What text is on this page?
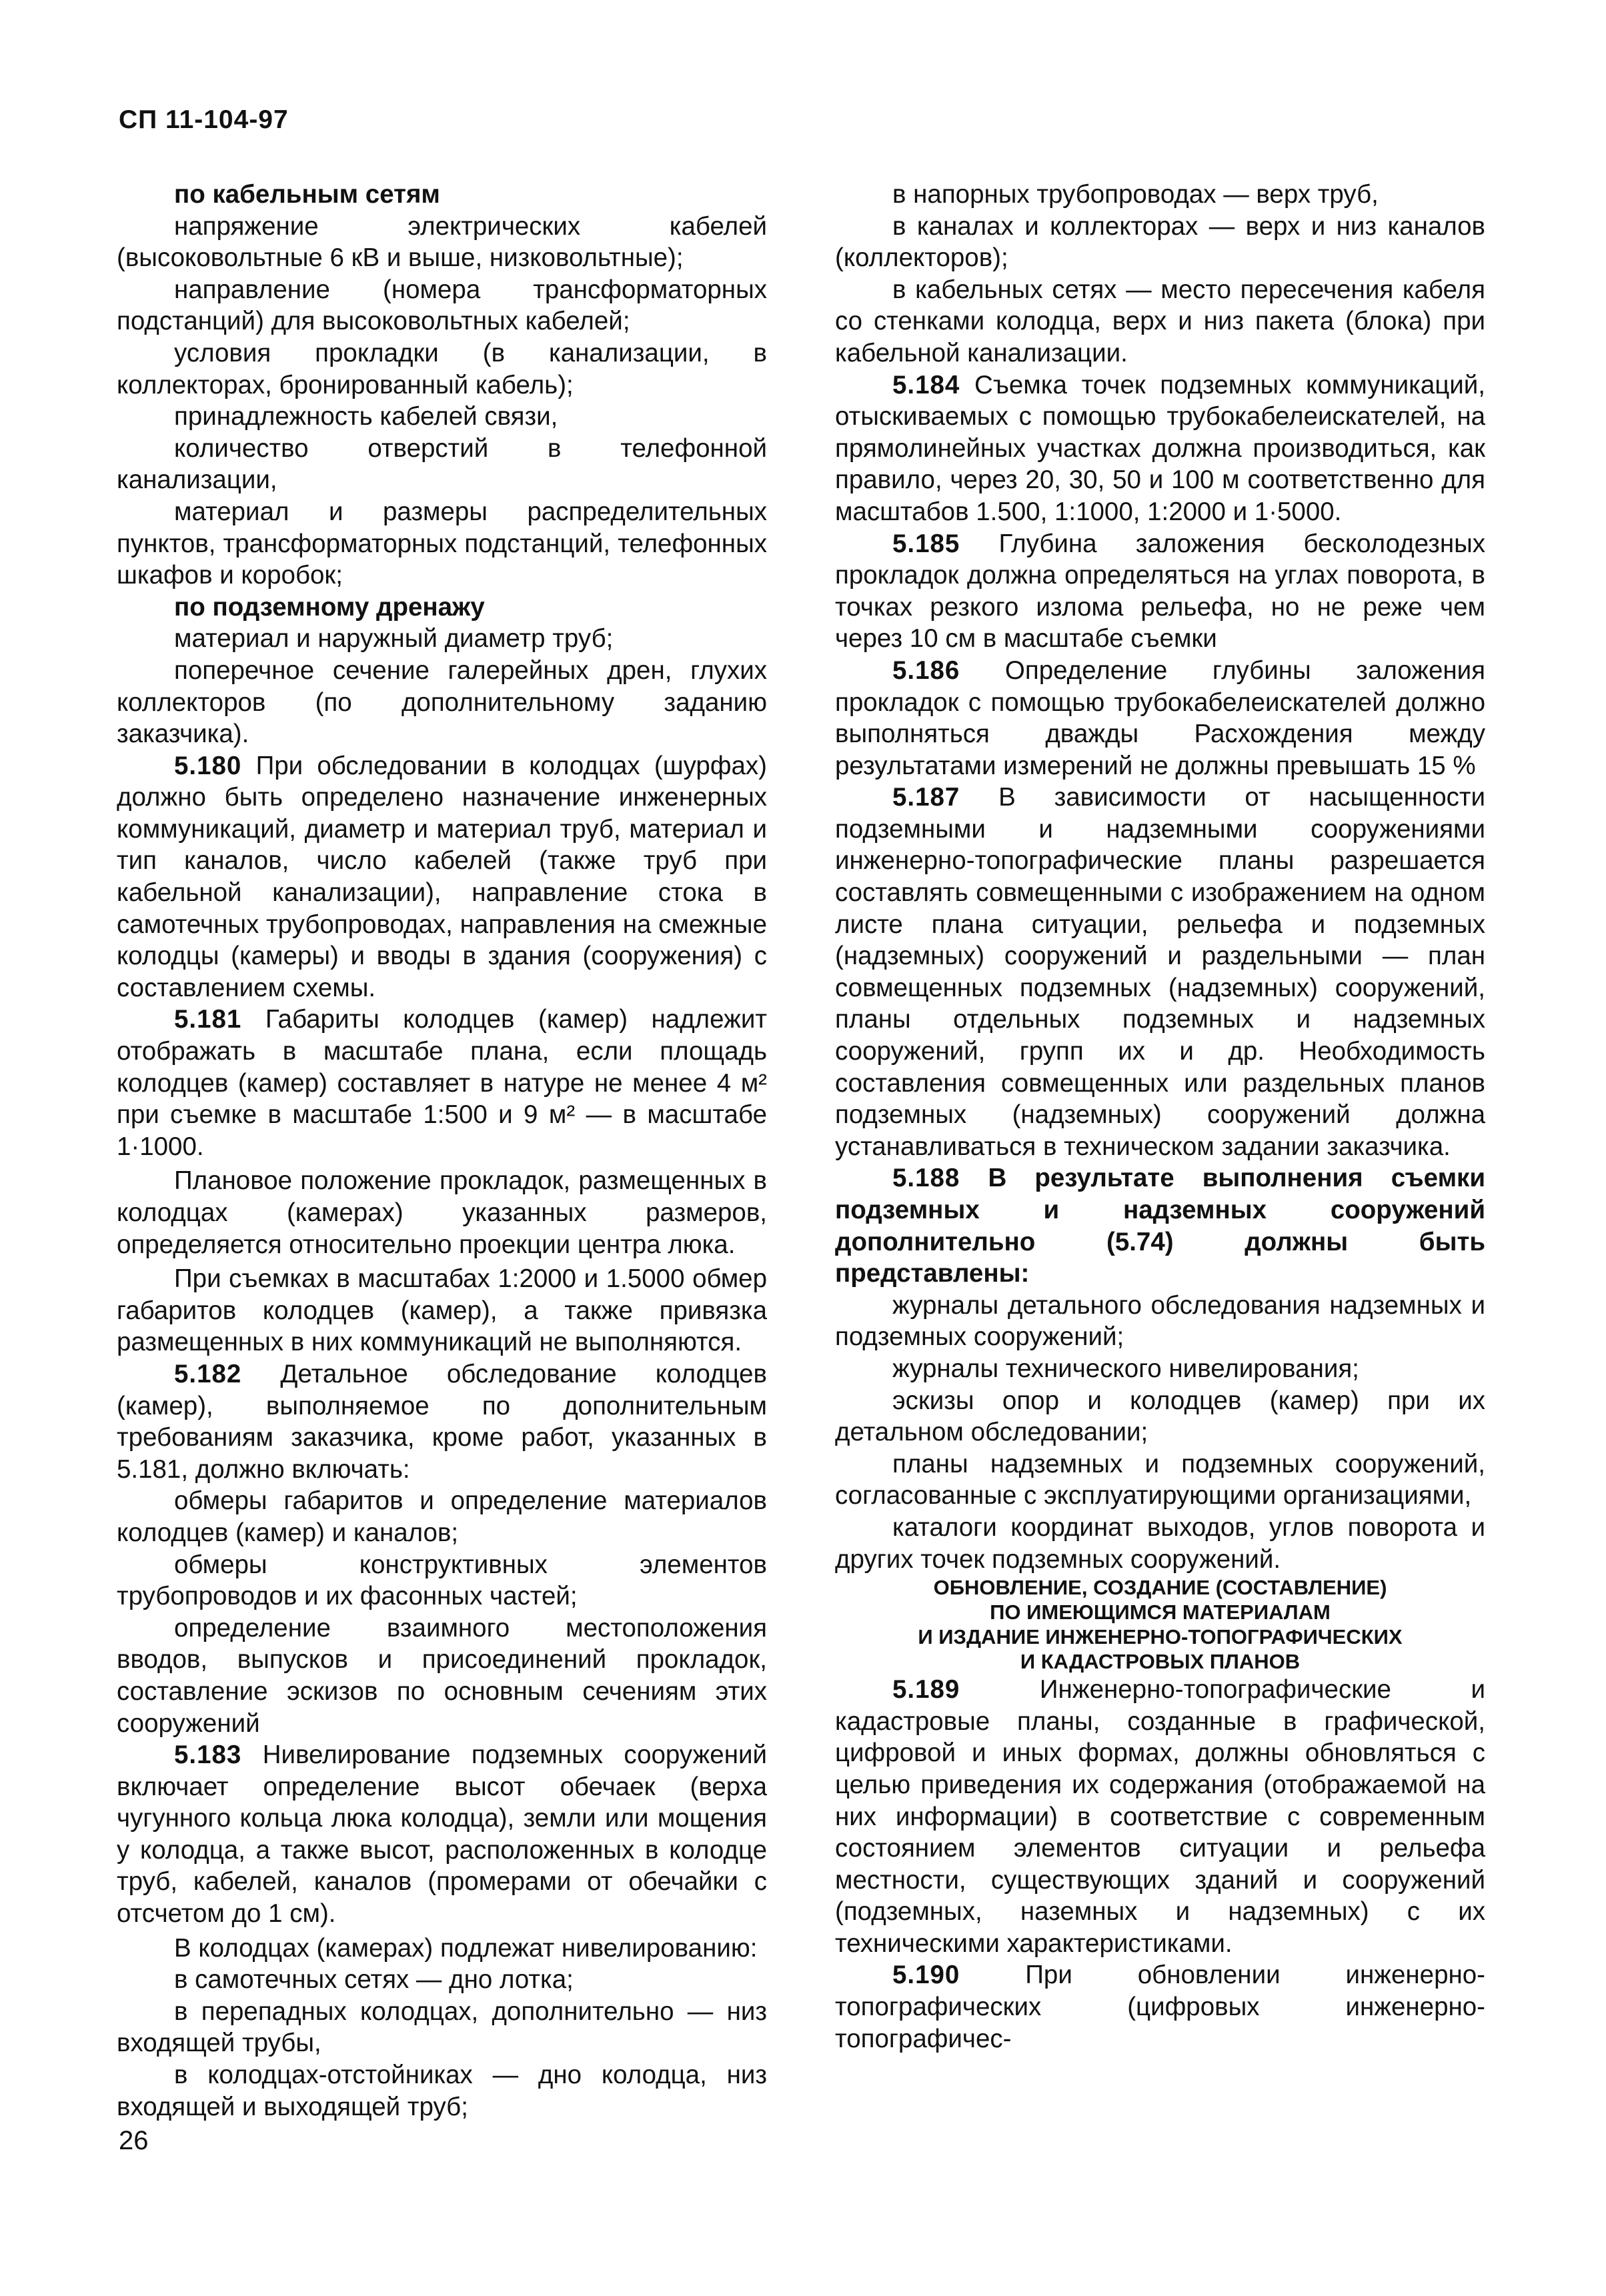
СП 11-104-97

по кабельным сетям

напряжение электрических кабелей (высоковольтные 6 кВ и выше, низковольтные);

направление (номера трансформаторных подстанций) для высоковольтных кабелей;

условия прокладки (в канализации, в коллекторах, бронированный кабель);

принадлежность кабелей связи,

количество отверстий в телефонной канализации,

материал и размеры распределительных пунктов, трансформаторных подстанций, телефонных шкафов и коробок;

по подземному дренажу

материал и наружный диаметр труб;

поперечное сечение галерейных дрен, глухих коллекторов (по дополнительному заданию заказчика).

5.180 При обследовании в колодцах (шурфах) должно быть определено назначение инженерных коммуникаций, диаметр и материал труб, материал и тип каналов, число кабелей (также труб при кабельной канализации), направление стока в самотечных трубопроводах, направления на смежные колодцы (камеры) и вводы в здания (сооружения) с составлением схемы.

5.181 Габариты колодцев (камер) надлежит отображать в масштабе плана, если площадь колодцев (камер) составляет в натуре не менее 4 м² при съемке в масштабе 1:500 и 9 м² — в масштабе 1·1000.

Плановое положение прокладок, размещенных в колодцах (камерах) указанных размеров, определяется относительно проекции центра люка.

При съемках в масштабах 1:2000 и 1.5000 обмер габаритов колодцев (камер), а также привязка размещенных в них коммуникаций не выполняются.

5.182 Детальное обследование колодцев (камер), выполняемое по дополнительным требованиям заказчика, кроме работ, указанных в 5.181, должно включать:

обмеры габаритов и определение материалов колодцев (камер) и каналов;

обмеры конструктивных элементов трубопроводов и их фасонных частей;

определение взаимного местоположения вводов, выпусков и присоединений прокладок, составление эскизов по основным сечениям этих сооружений

5.183 Нивелирование подземных сооружений включает определение высот обечаек (верха чугунного кольца люка колодца), земли или мощения у колодца, а также высот, расположенных в колодце труб, кабелей, каналов (промерами от обечайки с отсчетом до 1 см).

В колодцах (камерах) подлежат нивелированию:

в самотечных сетях — дно лотка;

в перепадных колодцах, дополнительно — низ входящей трубы,

в колодцах-отстойниках — дно колодца, низ входящей и выходящей труб;

в напорных трубопроводах — верх труб,

в каналах и коллекторах — верх и низ каналов (коллекторов);

в кабельных сетях — место пересечения кабеля со стенками колодца, верх и низ пакета (блока) при кабельной канализации.

5.184 Съемка точек подземных коммуникаций, отыскиваемых с помощью трубокабелеискателей, на прямолинейных участках должна производиться, как правило, через 20, 30, 50 и 100 м соответственно для масштабов 1.500, 1:1000, 1:2000 и 1·5000.

5.185 Глубина заложения бесколодезных прокладок должна определяться на углах поворота, в точках резкого излома рельефа, но не реже чем через 10 см в масштабе съемки

5.186 Определение глубины заложения прокладок с помощью трубокабелеискателей должно выполняться дважды Расхождения между результатами измерений не должны превышать 15 %

5.187 В зависимости от насыщенности подземными и надземными сооружениями инженерно-топографические планы разрешается составлять совмещенными с изображением на одном листе плана ситуации, рельефа и подземных (надземных) сооружений и раздельными — план совмещенных подземных (надземных) сооружений, планы отдельных подземных и надземных сооружений, групп их и др. Необходимость составления совмещенных или раздельных планов подземных (надземных) сооружений должна устанавливаться в техническом задании заказчика.

5.188 В результате выполнения съемки подземных и надземных сооружений дополнительно (5.74) должны быть представлены:

журналы детального обследования надземных и подземных сооружений;

журналы технического нивелирования;

эскизы опор и колодцев (камер) при их детальном обследовании;

планы надземных и подземных сооружений, согласованные с эксплуатирующими организациями,

каталоги координат выходов, углов поворота и других точек подземных сооружений.

ОБНОВЛЕНИЕ, СОЗДАНИЕ (СОСТАВЛЕНИЕ)
ПО ИМЕЮЩИМСЯ МАТЕРИАЛАМ
И ИЗДАНИЕ ИНЖЕНЕРНО-ТОПОГРАФИЧЕСКИХ
И КАДАСТРОВЫХ ПЛАНОВ

5.189 Инженерно-топографические и кадастровые планы, созданные в графической, цифровой и иных формах, должны обновляться с целью приведения их содержания (отображаемой на них информации) в соответствие с современным состоянием элементов ситуации и рельефа местности, существующих зданий и сооружений (подземных, наземных и надземных) с их техническими характеристиками.

5.190 При обновлении инженерно-топографических (цифровых инженерно-топографичес-

26
